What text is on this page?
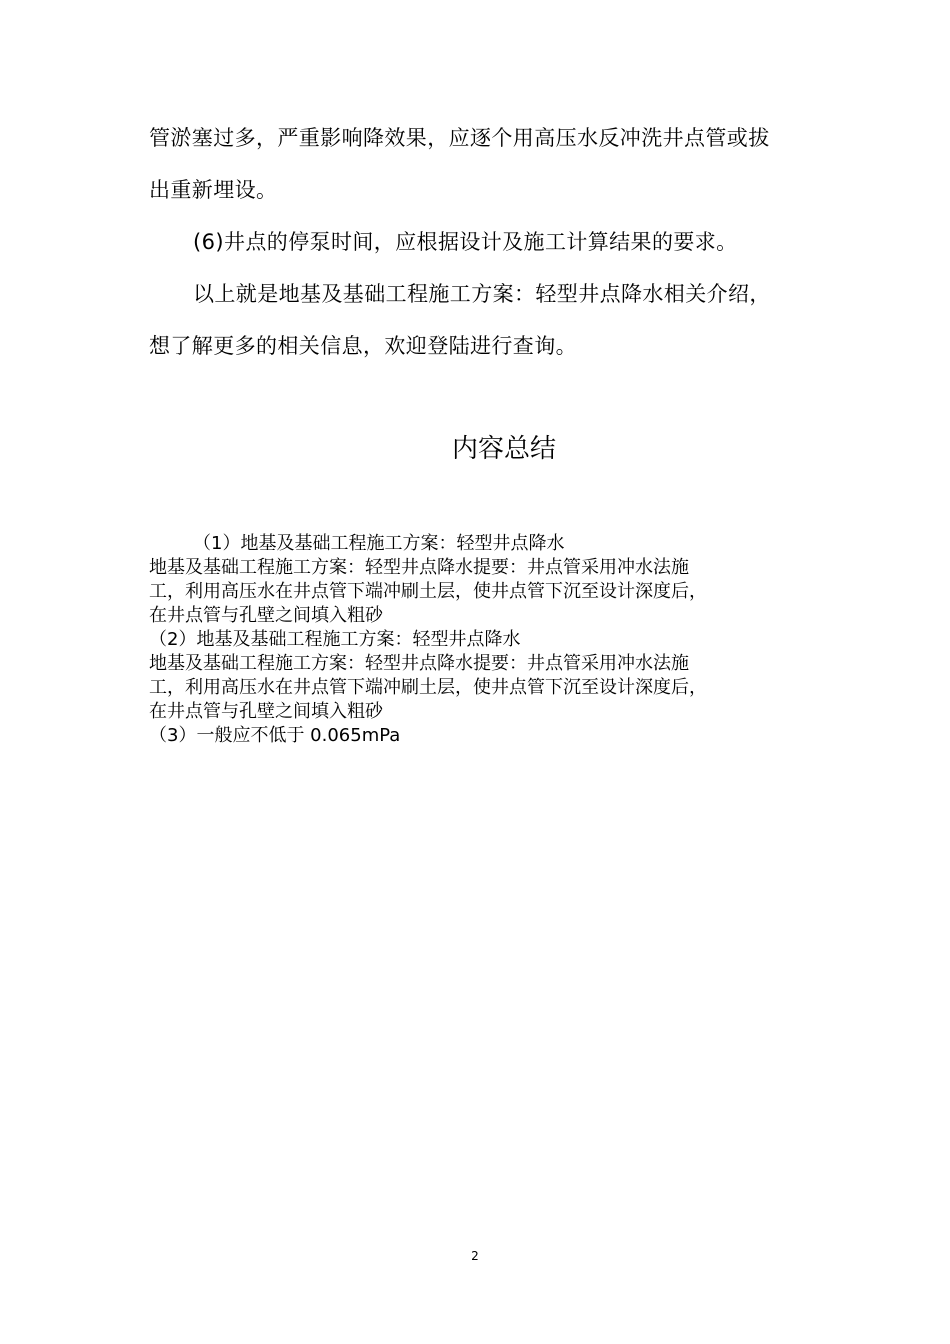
管淤塞过多，严重影响降效果，应逐个用高压水反冲洗井点管或拔
出重新埋设。
(6)井点的停泵时间，应根据设计及施工计算结果的要求。
以上就是地基及基础工程施工方案：轻型井点降水相关介绍，
想了解更多的相关信息，欢迎登陆进行查询。
内容总结
（1）地基及基础工程施工方案：轻型井点降水
地基及基础工程施工方案：轻型井点降水提要：井点管采用冲水法施
工，利用高压水在井点管下端冲刷土层，使井点管下沉至设计深度后，
在井点管与孔壁之间填入粗砂
（2）地基及基础工程施工方案：轻型井点降水
地基及基础工程施工方案：轻型井点降水提要：井点管采用冲水法施
工，利用高压水在井点管下端冲刷土层，使井点管下沉至设计深度后，
在井点管与孔壁之间填入粗砂
（3）一般应不低于 0.065mPa
2
